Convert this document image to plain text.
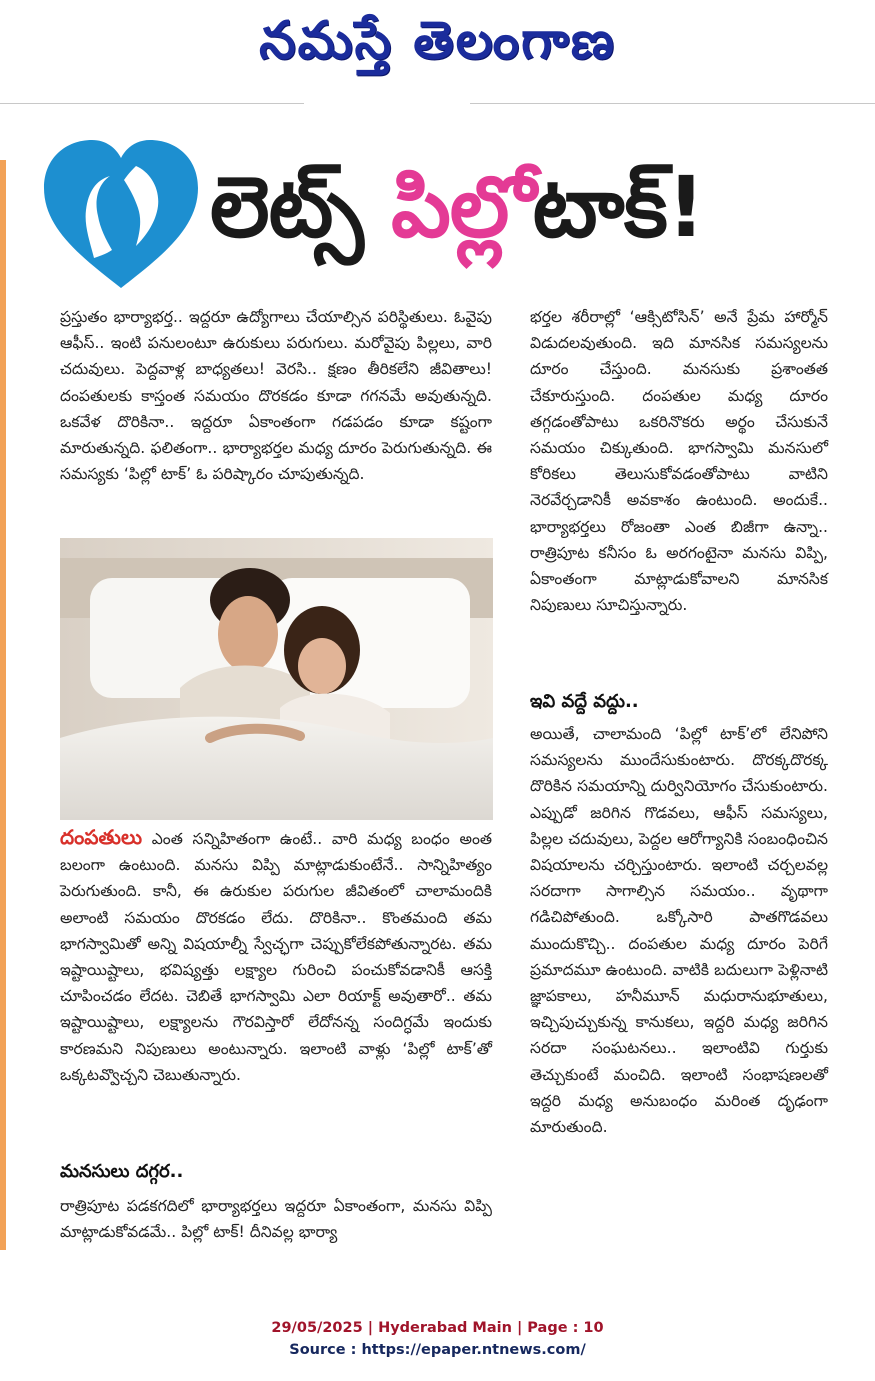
నమస్తే తెలంగాణ
లెట్స్ పిల్లోటాక్!

ప్రస్తుతం భార్యాభర్త.. ఇద్దరూ ఉద్యోగాలు చేయాల్సిన పరిస్థితులు. ఓవైపు ఆఫీస్.. ఇంటి పనులంటూ ఉరుకులు పరుగులు. మరోవైపు పిల్లలు, వారి చదువులు. పెద్దవాళ్ల బాధ్యతలు! వెరసి.. క్షణం తీరికలేని జీవితాలు! దంపతులకు కాస్తంత సమయం దొరకడం కూడా గగనమే అవుతున్నది. ఒకవేళ దొరికినా.. ఇద్దరూ ఏకాంతంగా గడపడం కూడా కష్టంగా మారుతున్నది. ఫలితంగా.. భార్యాభర్తల మధ్య దూరం పెరుగుతున్నది. ఈ సమస్యకు ‘పిల్లో టాక్’ ఓ పరిష్కారం చూపుతున్నది.

దంపతులు ఎంత సన్నిహితంగా ఉంటే.. వారి మధ్య బంధం అంత బలంగా ఉంటుంది. మనసు విప్పి మాట్లాడుకుంటేనే.. సాన్నిహిత్యం పెరుగుతుంది. కానీ, ఈ ఉరుకుల పరుగుల జీవితంలో చాలామందికి అలాంటి సమయం దొరకడం లేదు. దొరికినా.. కొంతమంది తమ భాగస్వామితో అన్ని విషయాల్నీ స్వేచ్ఛగా చెప్పుకోలేకపోతున్నారట. తమ ఇష్టాయిష్టాలు, భవిష్యత్తు లక్ష్యాల గురించి పంచుకోవడానికీ ఆసక్తి చూపించడం లేదట. చెబితే భాగస్వామి ఎలా రియాక్ట్ అవుతారో.. తమ ఇష్టాయిష్టాలు, లక్ష్యాలను గౌరవిస్తారో లేదోనన్న సందిగ్ధమే ఇందుకు కారణమని నిపుణులు అంటున్నారు. ఇలాంటి వాళ్లు ‘పిల్లో టాక్’తో ఒక్కటవ్వొచ్చని చెబుతున్నారు.

మనసులు దగ్గర..

రాత్రిపూట పడకగదిలో భార్యాభర్తలు ఇద్దరూ ఏకాంతంగా, మనసు విప్పి మాట్లాడుకోవడమే.. పిల్లో టాక్! దీనివల్ల భార్యా

భర్తల శరీరాల్లో ‘ఆక్సిటోసిన్’ అనే ప్రేమ హార్మోన్ విడుదలవుతుంది. ఇది మానసిక సమస్యలను దూరం చేస్తుంది. మనసుకు ప్రశాంతత చేకూరుస్తుంది. దంపతుల మధ్య దూరం తగ్గడంతోపాటు ఒకరినొకరు అర్థం చేసుకునే సమయం చిక్కుతుంది. భాగస్వామి మనసులో కోరికలు తెలుసుకోవడంతోపాటు వాటిని నెరవేర్చడానికీ అవకాశం ఉంటుంది. అందుకే.. భార్యాభర్తలు రోజంతా ఎంత బిజీగా ఉన్నా.. రాత్రిపూట కనీసం ఓ అరగంటైనా మనసు విప్పి, ఏకాంతంగా మాట్లాడుకోవాలని మానసిక నిపుణులు సూచిస్తున్నారు.

ఇవి వద్దే వద్దు..

అయితే, చాలామంది ‘పిల్లో టాక్’లో లేనిపోని సమస్యలను ముందేసుకుంటారు. దొరక్కదొరక్క దొరికిన సమయాన్ని దుర్వినియోగం చేసుకుంటారు. ఎప్పుడో జరిగిన గొడవలు, ఆఫీస్ సమస్యలు, పిల్లల చదువులు, పెద్దల ఆరోగ్యానికి సంబంధించిన విషయాలను చర్చిస్తుంటారు. ఇలాంటి చర్చలవల్ల సరదాగా సాగాల్సిన సమయం.. వృథాగా గడిచిపోతుంది. ఒక్కోసారి పాతగొడవలు ముందుకొచ్చి.. దంపతుల మధ్య దూరం పెరిగే ప్రమాదమూ ఉంటుంది. వాటికి బదులుగా పెళ్లినాటి జ్ఞాపకాలు, హనీమూన్ మధురానుభూతులు, ఇచ్చిపుచ్చుకున్న కానుకలు, ఇద్దరి మధ్య జరిగిన సరదా సంఘటనలు.. ఇలాంటివి గుర్తుకు తెచ్చుకుంటే మంచిది. ఇలాంటి సంభాషణలతో ఇద్దరి మధ్య అనుబంధం మరింత దృఢంగా మారుతుంది.

29/05/2025 | Hyderabad Main | Page : 10
Source : https://epaper.ntnews.com/
